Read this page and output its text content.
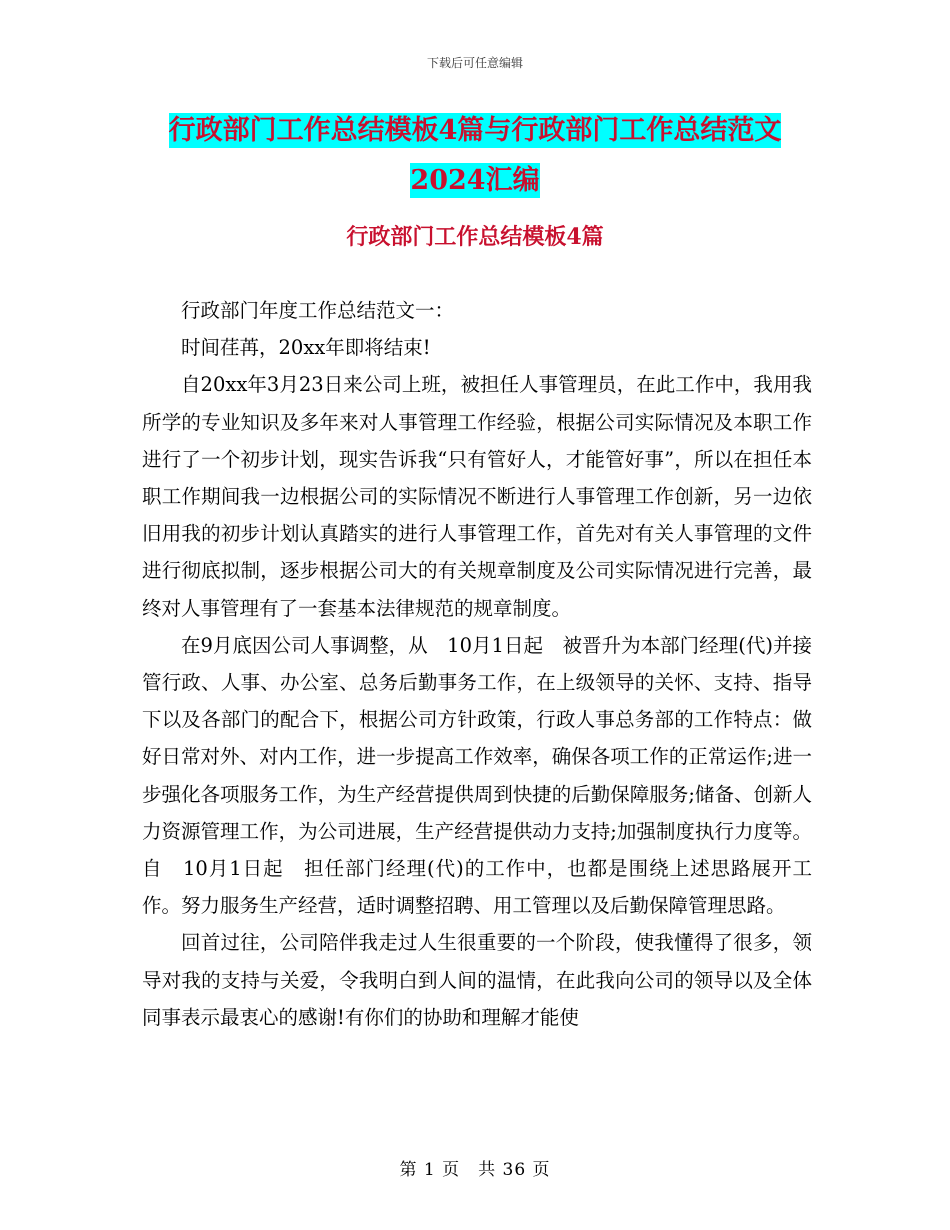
下载后可任意编辑
行政部门工作总结模板4篇与行政部门工作总结范文
2024汇编
行政部门工作总结模板4篇

行政部门年度工作总结范文一：

时间荏苒，20xx年即将结束!

自20xx年3月23日来公司上班，被担任人事管理员，在此工作中，我用我所学的专业知识及多年来对人事管理工作经验，根据公司实际情况及本职工作进行了一个初步计划，现实告诉我“只有管好人，才能管好事”，所以在担任本职工作期间我一边根据公司的实际情况不断进行人事管理工作创新，另一边依旧用我的初步计划认真踏实的进行人事管理工作，首先对有关人事管理的文件进行彻底拟制，逐步根据公司大的有关规章制度及公司实际情况进行完善，最终对人事管理有了一套基本法律规范的规章制度。

在9月底因公司人事调整，从　10月1日起　被晋升为本部门经理(代)并接管行政、人事、办公室、总务后勤事务工作，在上级领导的关怀、支持、指导下以及各部门的配合下，根据公司方针政策，行政人事总务部的工作特点：做好日常对外、对内工作，进一步提高工作效率，确保各项工作的正常运作;进一步强化各项服务工作，为生产经营提供周到快捷的后勤保障服务;储备、创新人力资源管理工作，为公司进展，生产经营提供动力支持;加强制度执行力度等。自　10月1日起　担任部门经理(代)的工作中，也都是围绕上述思路展开工作。努力服务生产经营，适时调整招聘、用工管理以及后勤保障管理思路。

回首过往，公司陪伴我走过人生很重要的一个阶段，使我懂得了很多，领导对我的支持与关爱，令我明白到人间的温情，在此我向公司的领导以及全体同事表示最衷心的感谢!有你们的协助和理解才能使

第 1 页　共 36 页
